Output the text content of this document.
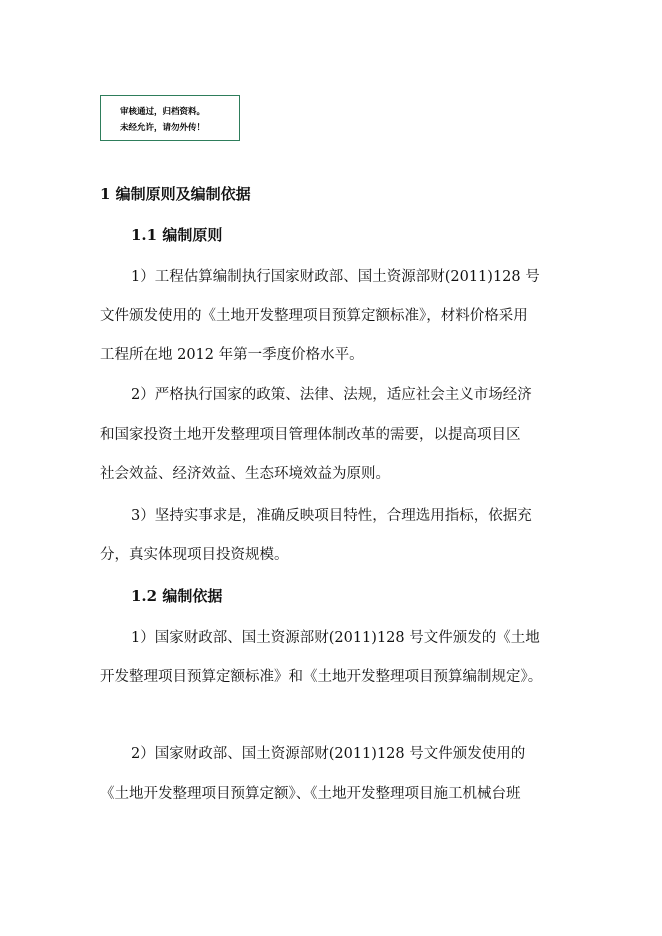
审核通过，归档资料。
未经允许，请勿外传！
1 编制原则及编制依据
1.1 编制原则
1）工程估算编制执行国家财政部、国土资源部财(2011)128 号
文件颁发使用的《土地开发整理项目预算定额标准》，材料价格采用
工程所在地 2012 年第一季度价格水平。
2）严格执行国家的政策、法律、法规，适应社会主义市场经济
和国家投资土地开发整理项目管理体制改革的需要，以提高项目区
社会效益、经济效益、生态环境效益为原则。
3）坚持实事求是，准确反映项目特性，合理选用指标，依据充
分，真实体现项目投资规模。
1.2 编制依据
1）国家财政部、国土资源部财(2011)128 号文件颁发的《土地
开发整理项目预算定额标准》和《土地开发整理项目预算编制规定》。
2）国家财政部、国土资源部财(2011)128 号文件颁发使用的
《土地开发整理项目预算定额》、《土地开发整理项目施工机械台班
